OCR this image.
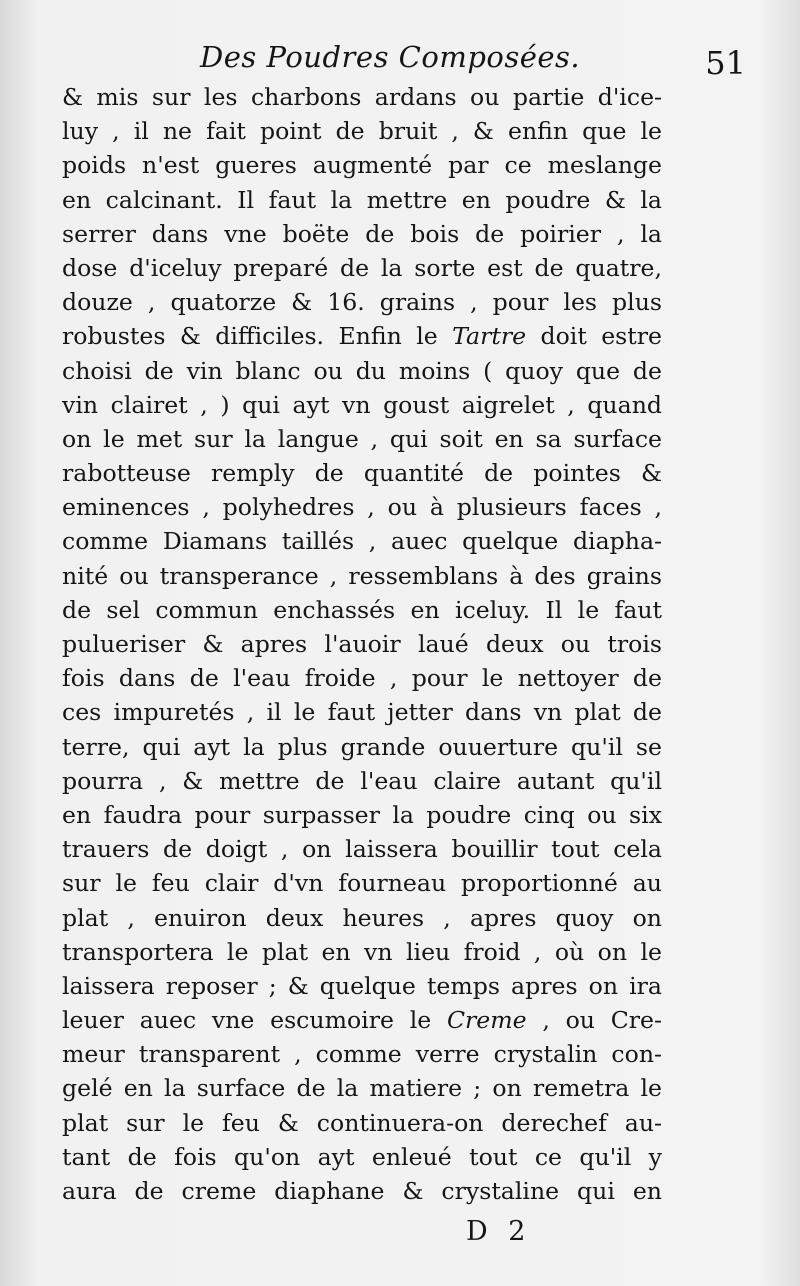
Des Poudres Composées.	51
& mis sur les charbons ardans ou partie d'ice-
luy , il ne fait point de bruit , & enfin que le
poids n'est gueres augmenté par ce meslange
en calcinant. Il faut la mettre en poudre & la
serrer dans vne boëte de bois de poirier , la
dose d'iceluy preparé de la sorte est de quatre,
douze , quatorze & 16. grains , pour les plus
robustes & difficiles. Enfin le Tartre doit estre
choisi de vin blanc ou du moins ( quoy que de
vin clairet , ) qui ayt vn goust aigrelet , quand
on le met sur la langue , qui soit en sa surface
rabotteuse remply de quantité de pointes &
eminences , polyhedres , ou à plusieurs faces ,
comme Diamans taillés , auec quelque diapha-
nité ou transperance , ressemblans à des grains
de sel commun enchassés en iceluy. Il le faut
pulueriser & apres l'auoir laué deux ou trois
fois dans de l'eau froide , pour le nettoyer de
ces impuretés , il le faut jetter dans vn plat de
terre, qui ayt la plus grande ouuerture qu'il se
pourra , & mettre de l'eau claire autant qu'il
en faudra pour surpasser la poudre cinq ou six
trauers de doigt , on laissera bouillir tout cela
sur le feu clair d'vn fourneau proportionné au
plat , enuiron deux heures , apres quoy on
transportera le plat en vn lieu froid , où on le
laissera reposer ; & quelque temps apres on ira
leuer auec vne escumoire le Creme , ou Cre-
meur transparent , comme verre crystalin con-
gelé en la surface de la matiere ; on remetra le
plat sur le feu & continuera-on derechef au-
tant de fois qu'on ayt enleué tout ce qu'il y
aura de creme diaphane & crystaline qui en
D 2
